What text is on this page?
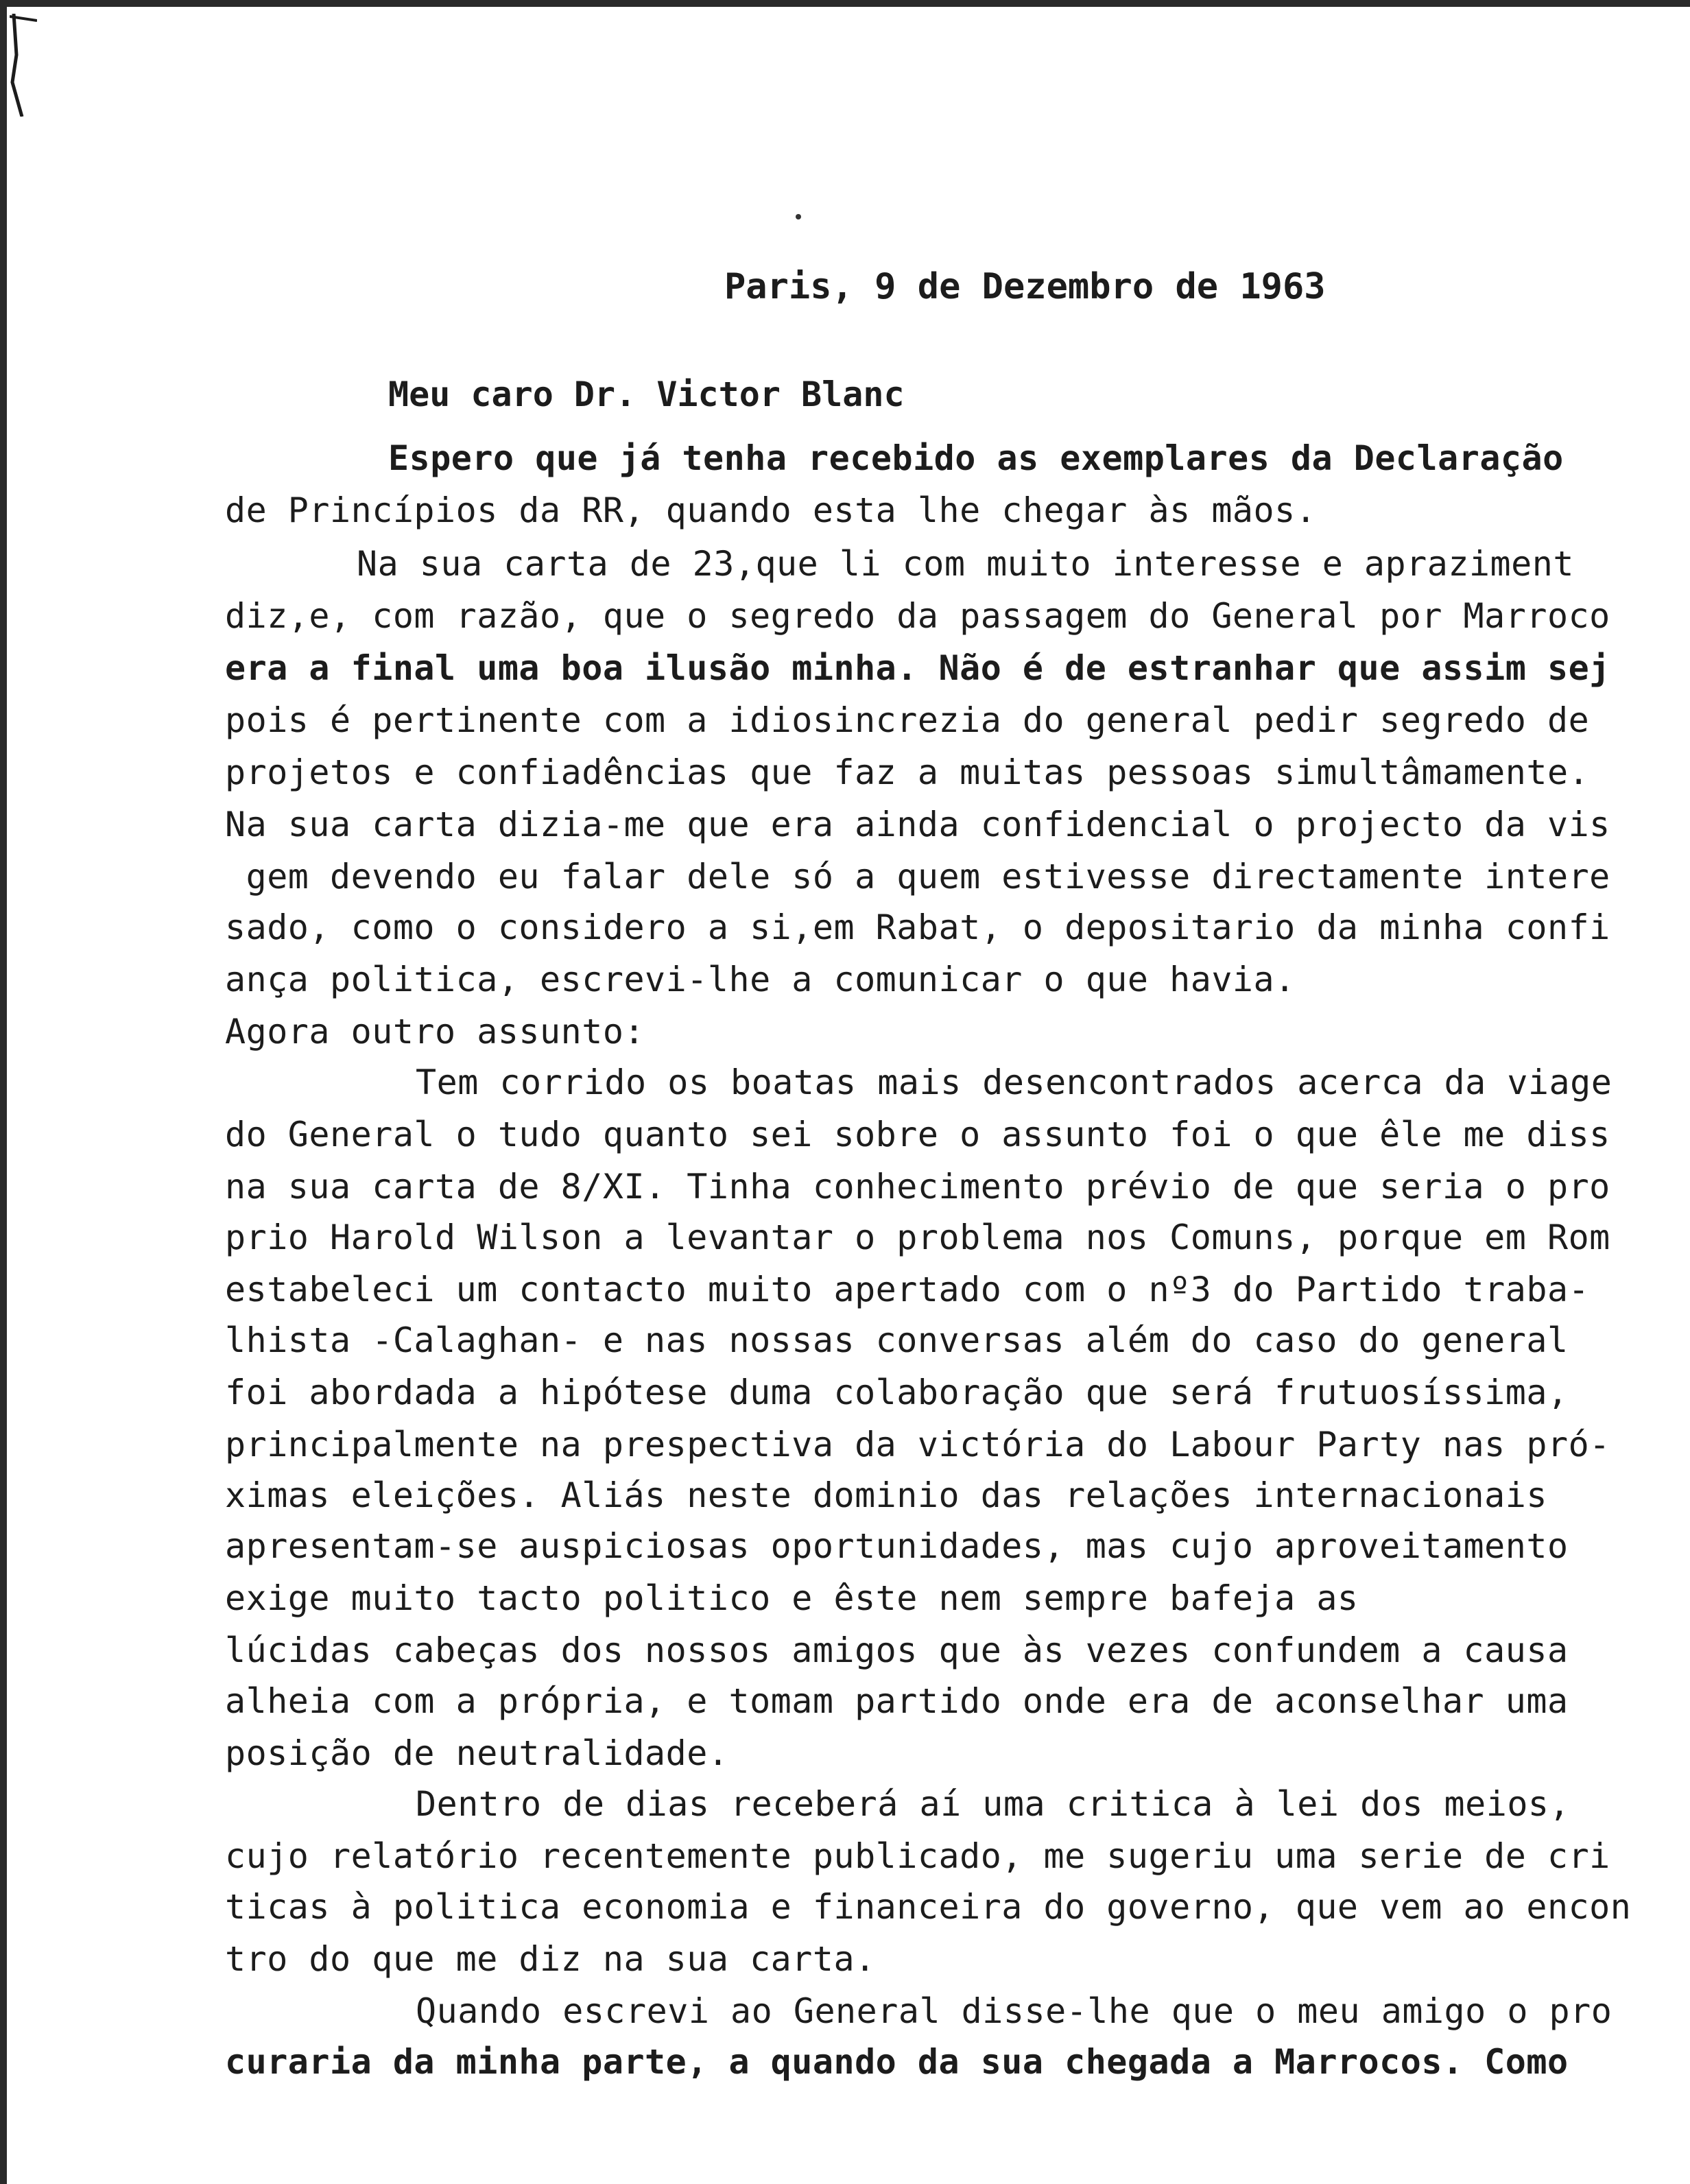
Paris, 9 de Dezembro de 1963
Meu caro Dr. Victor Blanc
Espero que já tenha recebido as exemplares da Declaração
de Princípios da RR, quando esta lhe chegar às mãos.
Na sua carta de 23,que li com muito interesse e apraziment
diz,e, com razão, que o segredo da passagem do General por Marroco
era a final uma boa ilusão minha. Não é de estranhar que assim sej
pois é pertinente com a idiosincrezia do general pedir segredo de
projetos e confiadências que faz a muitas pessoas simultâmamente.
Na sua carta dizia-me que era ainda confidencial o projecto da vis
gem devendo eu falar dele só a quem estivesse directamente intere
sado, como o considero a si,em Rabat, o depositario da minha confi
ança politica, escrevi-lhe a comunicar o que havia.
Agora outro assunto:
Tem corrido os boatas mais desencontrados acerca da viage
do General o tudo quanto sei sobre o assunto foi o que êle me diss
na sua carta de 8/XI. Tinha conhecimento prévio de que seria o pro
prio Harold Wilson a levantar o problema nos Comuns, porque em Rom
estabeleci um contacto muito apertado com o nº3 do Partido traba-
lhista -Calaghan- e nas nossas conversas além do caso do general
foi abordada a hipótese duma colaboração que será frutuosíssima,
principalmente na prespectiva da victória do Labour Party nas pró-
ximas eleições. Aliás neste dominio das relações internacionais
apresentam-se auspiciosas oportunidades, mas cujo aproveitamento
exige muito tacto politico e êste nem sempre bafeja as
lúcidas cabeças dos nossos amigos que às vezes confundem a causa
alheia com a própria, e tomam partido onde era de aconselhar uma
posição de neutralidade.
Dentro de dias receberá aí uma critica à lei dos meios,
cujo relatório recentemente publicado, me sugeriu uma serie de cri
ticas à politica economia e financeira do governo, que vem ao encon
tro do que me diz na sua carta.
Quando escrevi ao General disse-lhe que o meu amigo o pro
curaria da minha parte, a quando da sua chegada a Marrocos. Como
